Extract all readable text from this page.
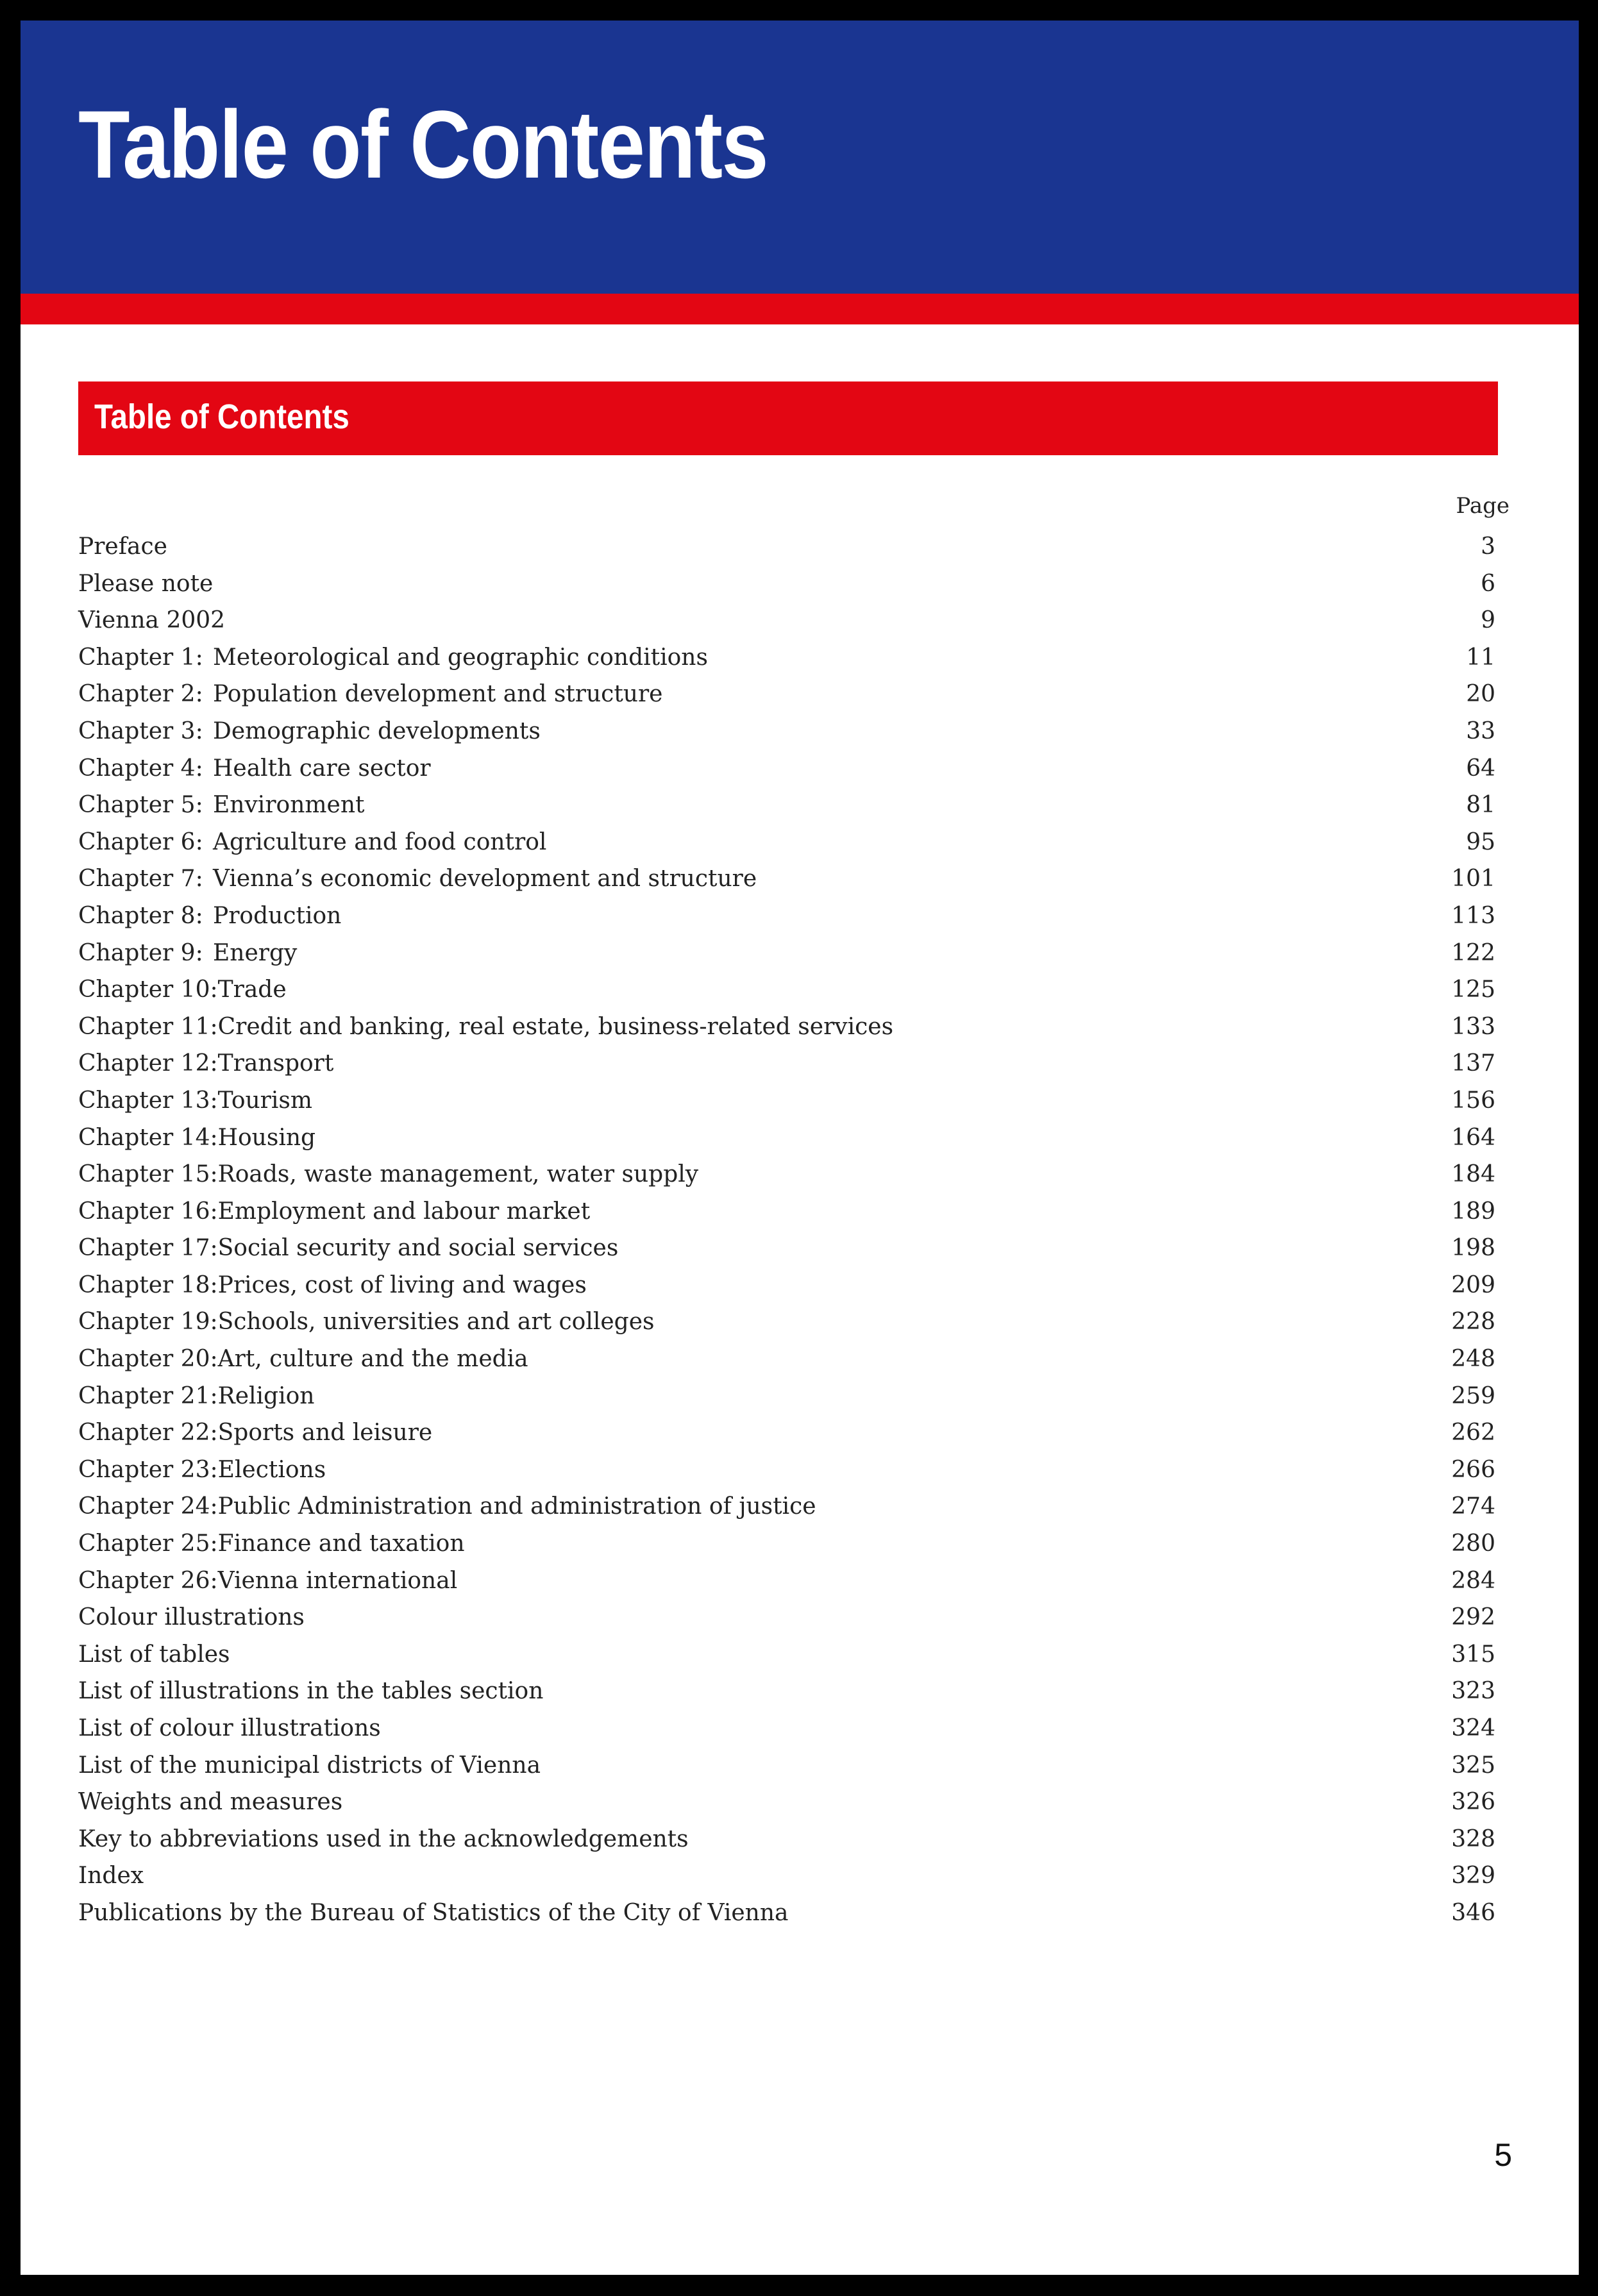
Table of Contents
Table of Contents
Page
Preface	3
Please note	6
Vienna 2002	9
Chapter 1: Meteorological and geographic conditions	11
Chapter 2: Population development and structure	20
Chapter 3: Demographic developments	33
Chapter 4: Health care sector	64
Chapter 5: Environment	81
Chapter 6: Agriculture and food control	95
Chapter 7: Vienna’s economic development and structure	101
Chapter 8: Production	113
Chapter 9: Energy	122
Chapter 10:Trade	125
Chapter 11:Credit and banking, real estate, business-related services	133
Chapter 12:Transport	137
Chapter 13:Tourism	156
Chapter 14:Housing	164
Chapter 15:Roads, waste management, water supply	184
Chapter 16:Employment and labour market	189
Chapter 17:Social security and social services	198
Chapter 18:Prices, cost of living and wages	209
Chapter 19:Schools, universities and art colleges	228
Chapter 20:Art, culture and the media	248
Chapter 21:Religion	259
Chapter 22:Sports and leisure	262
Chapter 23:Elections	266
Chapter 24:Public Administration and administration of justice	274
Chapter 25:Finance and taxation	280
Chapter 26:Vienna international	284
Colour illustrations	292
List of tables	315
List of illustrations in the tables section	323
List of colour illustrations	324
List of the municipal districts of Vienna	325
Weights and measures	326
Key to abbreviations used in the acknowledgements	328
Index	329
Publications by the Bureau of Statistics of the City of Vienna	346
5
